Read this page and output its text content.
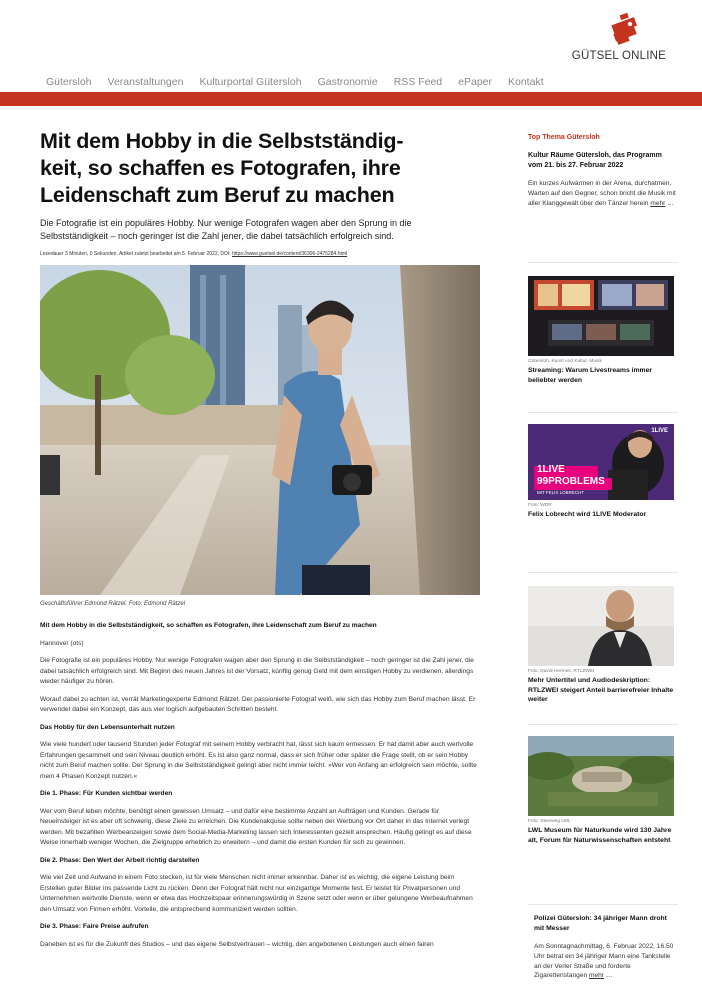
GÜTSEL ONLINE
Gütersloh Veranstaltungen Kulturportal Gütersloh Gastronomie RSS Feed ePaper Kontakt
Mit dem Hobby in die Selbstständig-
keit, so schaffen es Fotografen, ihre
Leidenschaft zum Beruf zu machen

Die Fotografie ist ein populäres Hobby. Nur wenige Fotografen wagen aber den Sprung in die Selbstständigkeit – noch geringer ist die Zahl jener, die dabei tatsächlich erfolgreich sind.

Lesedauer 3 Minuten, 0 Sekunden. Artikel zuletzt bearbeitet am 5. Februar 2022, DOI: https://www.guetsel.de/content/36306-2475284.html
Geschäftsführer Edmond Rätzel. Foto: Edmond Rätzel

Mit dem Hobby in die Selbstständigkeit, so schaffen es Fotografen, ihre Leidenschaft zum Beruf zu machen

Hannover (ots)

Die Fotografie ist ein populäres Hobby. Nur wenige Fotografen wagen aber den Sprung in die Selbstständigkeit – noch geringer ist die Zahl jener, die dabei tatsächlich erfolgreich sind. Mit Beginn des neuen Jahres ist der Vorsatz, künftig genug Geld mit dem einstigen Hobby zu verdienen, allerdings wieder häufiger zu hören.

Worauf dabei zu achten ist, verrät Marketingexperte Edmond Rätzel. Der passionierte Fotograf weiß, wie sich das Hobby zum Beruf machen lässt. Er verwendet dabei ein Konzept, das aus vier logisch aufgebauten Schritten besteht.

Das Hobby für den Lebensunterhalt nutzen

Wie viele hundert oder tausend Stunden jeder Fotograf mit seinem Hobby verbracht hat, lässt sich kaum ermessen. Er hat damit aber auch wertvolle Erfahrungen gesammelt und sein Niveau deutlich erhöht. Es ist also ganz normal, dass er sich früher oder später die Frage stellt, ob er sein Hobby nicht zum Beruf machen sollte. Der Sprung in die Selbstständigkeit gelingt aber nicht immer leicht. »Wer von Anfang an erfolgreich sein möchte, sollte mein 4 Phasen Konzept nutzen.«

Die 1. Phase: Für Kunden sichtbar werden

Wer vom Beruf leben möchte, benötigt einen gewissen Umsatz – und dafür eine bestimmte Anzahl an Aufträgen und Kunden. Gerade für Neueinsteiger ist es aber oft schwierig, diese Ziele zu erreichen. Die Kundenakquise sollte neben der Werbung vor Ort daher in das Internet verlegt werden. Mit bezahlten Werbeanzeigen sowie dem Social-Media-Marketing lassen sich Interessenten gezielt ansprechen. Häufig gelingt es auf diese Weise innerhalb weniger Wochen, die Zielgruppe erheblich zu erweitern – und damit die ersten Kunden für sich zu gewinnen.

Die 2. Phase: Den Wert der Arbeit richtig darstellen

Wie viel Zeit und Aufwand in einem Foto stecken, ist für viele Menschen nicht immer erkennbar. Daher ist es wichtig, die eigene Leistung beim Erstellen guter Bilder ins passende Licht zu rücken. Denn der Fotograf hält nicht nur einzigartige Momente fest. Er leistet für Privatpersonen und Unternehmen wertvolle Dienste, wenn er etwa das Hochzeitspaar erinnerungswürdig in Szene setzt oder wenn er über gelungene Werbeaufnahmen den Umsatz von Firmen erhöht. Vorteile, die entsprechend kommuniziert werden sollten.

Die 3. Phase: Faire Preise aufrufen

Daneben ist es für die Zukunft des Studios – und das eigene Selbstvertrauen – wichtig, den angebotenen Leistungen auch einen fairen

Top Thema Gütersloh
Kultur Räume Gütersloh, das Programm vom 21. bis 27. Februar 2022
Ein kurzes Aufwärmen in der Arena, durchatmen, Warten auf den Gegner, schon bricht die Musik mit aller Klanggewalt über den Tänzer herein mehr …
Gütersloh, Kunst und Kultur, Musik
Streaming: Warum Livestreams immer beliebter werden
1LIVE
99PROBLEMS
MIT FELIX LOBRECHT
1LIVE
Foto: WDR
Felix Lobrecht wird 1LIVE Moderator
Foto: David Hermes, RTLZWEI
Mehr Untertitel und Audiodeskription: RTLZWEI steigert Anteil barrierefreier Inhalte weiter
Foto: Steinweg LWL
LWL Museum für Naturkunde wird 130 Jahre alt, Forum für Naturwissenschaften entsteht
Polizei Gütersloh: 34 jähriger Mann droht mit Messer
Am Sonntagnachmittag, 6. Februar 2022, 16.50 Uhr betrat ein 34 jähriger Mann eine Tankstelle an der Verler Straße und forderte Zigarettenstangen mehr …
